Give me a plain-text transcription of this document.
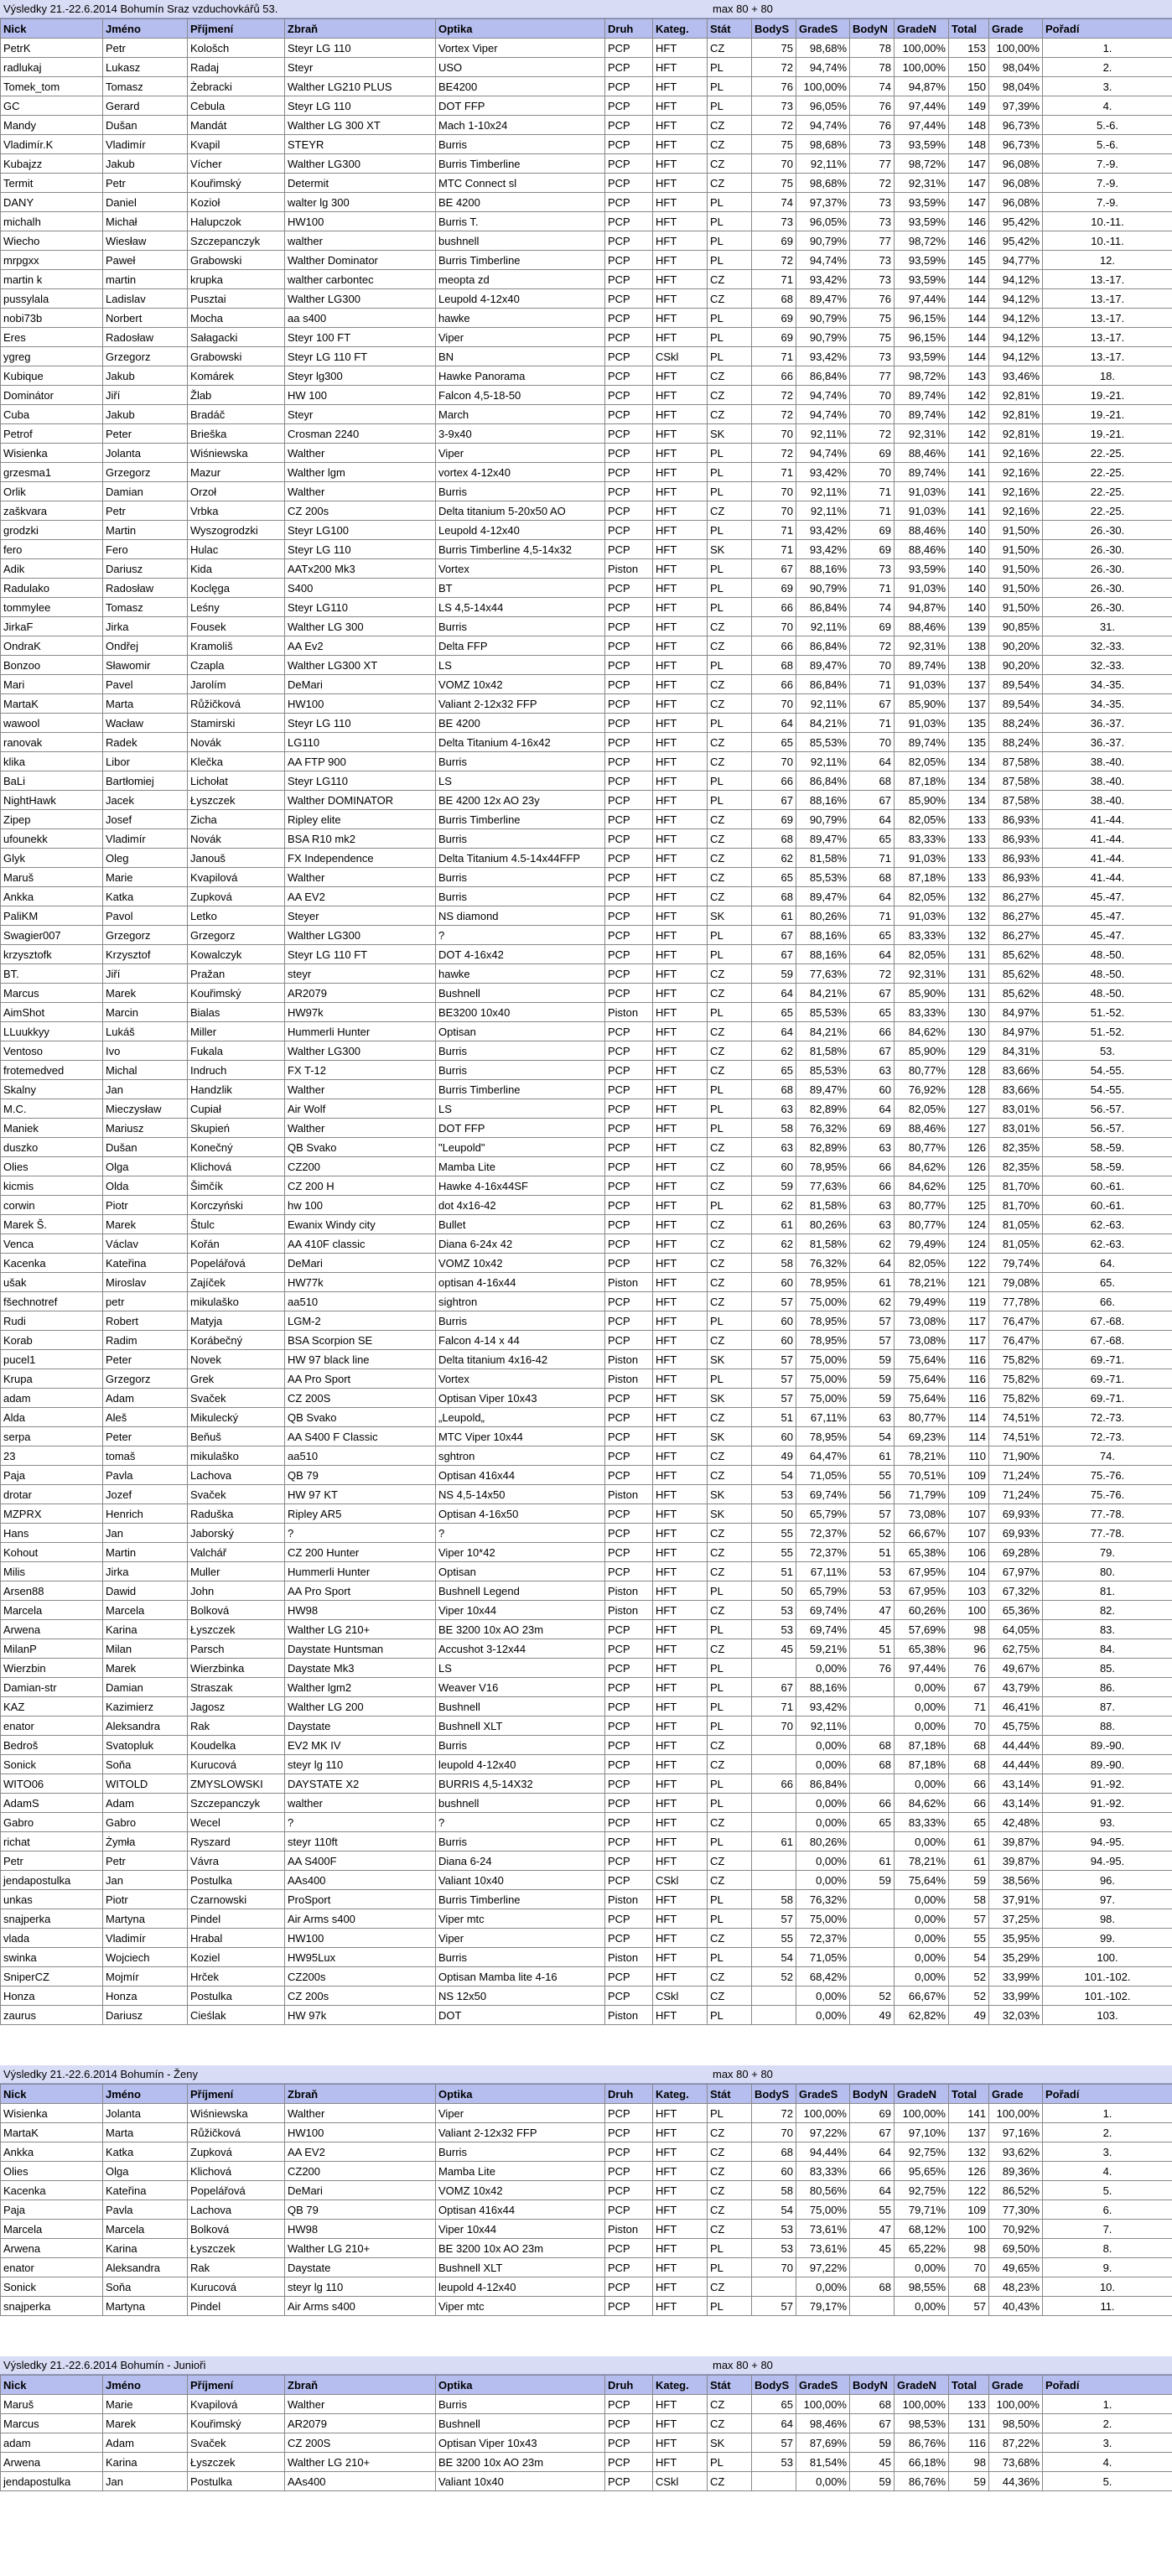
Výsledky 21.-22.6.2014 Bohumín Sraz vzduchovkářů 53.	max 80 + 80
Nick	Jméno	Příjmení	Zbraň	Optika	Druh	Kateg.	Stát	BodyS	GradeS	BodyN	GradeN	Total	Grade	Pořadí
PetrK	Petr	Kološch	Steyr LG 110	Vortex Viper	PCP	HFT	CZ	75	98,68%	78	100,00%	153	100,00%	1.
radlukaj	Lukasz	Radaj	Steyr	USO	PCP	HFT	PL	72	94,74%	78	100,00%	150	98,04%	2.
Tomek_tom	Tomasz	Żebracki	Walther LG210 PLUS	BE4200	PCP	HFT	PL	76	100,00%	74	94,87%	150	98,04%	3.
GC	Gerard	Cebula	Steyr LG 110	DOT FFP	PCP	HFT	PL	73	96,05%	76	97,44%	149	97,39%	4.
Mandy	Dušan	Mandát	Walther LG 300 XT	Mach 1-10x24	PCP	HFT	CZ	72	94,74%	76	97,44%	148	96,73%	5.-6.
Vladimír.K	Vladimír	Kvapil	STEYR	Burris	PCP	HFT	CZ	75	98,68%	73	93,59%	148	96,73%	5.-6.
Kubajzz	Jakub	Vícher	Walther LG300	Burris Timberline	PCP	HFT	CZ	70	92,11%	77	98,72%	147	96,08%	7.-9.
Termit	Petr	Kouřimský	Determit	MTC Connect sl	PCP	HFT	CZ	75	98,68%	72	92,31%	147	96,08%	7.-9.
DANY	Daniel	Kozioł	walter lg 300	BE 4200	PCP	HFT	PL	74	97,37%	73	93,59%	147	96,08%	7.-9.
michalh	Michał	Halupczok	HW100	Burris T.	PCP	HFT	PL	73	96,05%	73	93,59%	146	95,42%	10.-11.
Wiecho	Wiesław	Szczepanczyk	walther	bushnell	PCP	HFT	PL	69	90,79%	77	98,72%	146	95,42%	10.-11.
mrpgxx	Paweł	Grabowski	Walther Dominator	Burris Timberline	PCP	HFT	PL	72	94,74%	73	93,59%	145	94,77%	12.
martin k	martin	krupka	walther carbontec	meopta zd	PCP	HFT	CZ	71	93,42%	73	93,59%	144	94,12%	13.-17.
pussylala	Ladislav	Pusztai	Walther LG300	Leupold 4-12x40	PCP	HFT	CZ	68	89,47%	76	97,44%	144	94,12%	13.-17.
nobi73b	Norbert	Mocha	aa s400	hawke	PCP	HFT	PL	69	90,79%	75	96,15%	144	94,12%	13.-17.
Eres	Radosław	Sałagacki	Steyr 100 FT	Viper	PCP	HFT	PL	69	90,79%	75	96,15%	144	94,12%	13.-17.
ygreg	Grzegorz	Grabowski	Steyr LG 110 FT	BN	PCP	CSkl	PL	71	93,42%	73	93,59%	144	94,12%	13.-17.
Kubique	Jakub	Komárek	Steyr lg300	Hawke Panorama	PCP	HFT	CZ	66	86,84%	77	98,72%	143	93,46%	18.
Dominátor	Jiří	Žlab	HW 100	Falcon 4,5-18-50	PCP	HFT	CZ	72	94,74%	70	89,74%	142	92,81%	19.-21.
Cuba	Jakub	Bradáč	Steyr	March	PCP	HFT	CZ	72	94,74%	70	89,74%	142	92,81%	19.-21.
Petrof	Peter	Brieška	Crosman 2240	3-9x40	PCP	HFT	SK	70	92,11%	72	92,31%	142	92,81%	19.-21.
Wisienka	Jolanta	Wiśniewska	Walther	Viper	PCP	HFT	PL	72	94,74%	69	88,46%	141	92,16%	22.-25.
grzesma1	Grzegorz	Mazur	Walther lgm	vortex 4-12x40	PCP	HFT	PL	71	93,42%	70	89,74%	141	92,16%	22.-25.
Orlik	Damian	Orzoł	Walther	Burris	PCP	HFT	PL	70	92,11%	71	91,03%	141	92,16%	22.-25.
zaškvara	Petr	Vrbka	CZ 200s	Delta titanium 5-20x50 AO	PCP	HFT	CZ	70	92,11%	71	91,03%	141	92,16%	22.-25.
grodzki	Martin	Wyszogrodzki	Steyr LG100	Leupold 4-12x40	PCP	HFT	PL	71	93,42%	69	88,46%	140	91,50%	26.-30.
fero	Fero	Hulac	Steyr LG 110	Burris Timberline 4,5-14x32	PCP	HFT	SK	71	93,42%	69	88,46%	140	91,50%	26.-30.
Adik	Dariusz	Kida	AATx200 Mk3	Vortex	Piston	HFT	PL	67	88,16%	73	93,59%	140	91,50%	26.-30.
Radulako	Radosław	Koclęga	S400	BT	PCP	HFT	PL	69	90,79%	71	91,03%	140	91,50%	26.-30.
tommylee	Tomasz	Leśny	Steyr LG110	LS 4,5-14x44	PCP	HFT	PL	66	86,84%	74	94,87%	140	91,50%	26.-30.
JirkaF	Jirka	Fousek	Walther LG 300	Burris	PCP	HFT	CZ	70	92,11%	69	88,46%	139	90,85%	31.
OndraK	Ondřej	Kramoliš	AA Ev2	Delta FFP	PCP	HFT	CZ	66	86,84%	72	92,31%	138	90,20%	32.-33.
Bonzoo	Sławomir	Czapla	Walther LG300 XT	LS	PCP	HFT	PL	68	89,47%	70	89,74%	138	90,20%	32.-33.
Mari	Pavel	Jarolím	DeMari	VOMZ 10x42	PCP	HFT	CZ	66	86,84%	71	91,03%	137	89,54%	34.-35.
MartaK	Marta	Růžičková	HW100	Valiant 2-12x32 FFP	PCP	HFT	CZ	70	92,11%	67	85,90%	137	89,54%	34.-35.
wawool	Wacław	Stamirski	Steyr LG 110	BE 4200	PCP	HFT	PL	64	84,21%	71	91,03%	135	88,24%	36.-37.
ranovak	Radek	Novák	LG110	Delta Titanium 4-16x42	PCP	HFT	CZ	65	85,53%	70	89,74%	135	88,24%	36.-37.
klika	Libor	Klečka	AA FTP 900	Burris	PCP	HFT	CZ	70	92,11%	64	82,05%	134	87,58%	38.-40.
BaLi	Bartłomiej	Lichołat	Steyr LG110	LS	PCP	HFT	PL	66	86,84%	68	87,18%	134	87,58%	38.-40.
NightHawk	Jacek	Łyszczek	Walther DOMINATOR	BE 4200 12x AO 23y	PCP	HFT	PL	67	88,16%	67	85,90%	134	87,58%	38.-40.
Zipep	Josef	Zicha	Ripley elite	Burris Timberline	PCP	HFT	CZ	69	90,79%	64	82,05%	133	86,93%	41.-44.
ufounekk	Vladimír	Novák	BSA R10 mk2	Burris	PCP	HFT	CZ	68	89,47%	65	83,33%	133	86,93%	41.-44.
Glyk	Oleg	Janouš	FX Independence	Delta Titanium 4.5-14x44FFP	PCP	HFT	CZ	62	81,58%	71	91,03%	133	86,93%	41.-44.
Maruš	Marie	Kvapilová	Walther	Burris	PCP	HFT	CZ	65	85,53%	68	87,18%	133	86,93%	41.-44.
Ankka	Katka	Zupková	AA EV2	Burris	PCP	HFT	CZ	68	89,47%	64	82,05%	132	86,27%	45.-47.
PaliKM	Pavol	Letko	Steyer	NS diamond	PCP	HFT	SK	61	80,26%	71	91,03%	132	86,27%	45.-47.
Swagier007	Grzegorz	Grzegorz	Walther LG300	?	PCP	HFT	PL	67	88,16%	65	83,33%	132	86,27%	45.-47.
krzysztofk	Krzysztof	Kowalczyk	Steyr LG 110 FT	DOT 4-16x42	PCP	HFT	PL	67	88,16%	64	82,05%	131	85,62%	48.-50.
BT.	Jiří	Pražan	steyr	hawke	PCP	HFT	CZ	59	77,63%	72	92,31%	131	85,62%	48.-50.
Marcus	Marek	Kouřimský	AR2079	Bushnell	PCP	HFT	CZ	64	84,21%	67	85,90%	131	85,62%	48.-50.
AimShot	Marcin	Bialas	HW97k	BE3200 10x40	Piston	HFT	PL	65	85,53%	65	83,33%	130	84,97%	51.-52.
LLuukkyy	Lukáš	Miller	Hummerli Hunter	Optisan	PCP	HFT	CZ	64	84,21%	66	84,62%	130	84,97%	51.-52.
Ventoso	Ivo	Fukala	Walther LG300	Burris	PCP	HFT	CZ	62	81,58%	67	85,90%	129	84,31%	53.
frotemedved	Michal	Indruch	FX T-12	Burris	PCP	HFT	CZ	65	85,53%	63	80,77%	128	83,66%	54.-55.
Skalny	Jan	Handzlik	Walther	Burris Timberline	PCP	HFT	PL	68	89,47%	60	76,92%	128	83,66%	54.-55.
M.C.	Mieczysław	Cupiał	Air Wolf	LS	PCP	HFT	PL	63	82,89%	64	82,05%	127	83,01%	56.-57.
Maniek	Mariusz	Skupień	Walther	DOT FFP	PCP	HFT	PL	58	76,32%	69	88,46%	127	83,01%	56.-57.
duszko	Dušan	Konečný	QB Svako	"Leupold"	PCP	HFT	CZ	63	82,89%	63	80,77%	126	82,35%	58.-59.
Olies	Olga	Klichová	CZ200	Mamba Lite	PCP	HFT	CZ	60	78,95%	66	84,62%	126	82,35%	58.-59.
kicmis	Olda	Šimčík	CZ 200 H	Hawke 4-16x44SF	PCP	HFT	CZ	59	77,63%	66	84,62%	125	81,70%	60.-61.
corwin	Piotr	Korczyński	hw 100	dot 4x16-42	PCP	HFT	PL	62	81,58%	63	80,77%	125	81,70%	60.-61.
Marek Š.	Marek	Štulc	Ewanix Windy city	Bullet	PCP	HFT	CZ	61	80,26%	63	80,77%	124	81,05%	62.-63.
Venca	Václav	Kořán	AA 410F classic	Diana 6-24x 42	PCP	HFT	CZ	62	81,58%	62	79,49%	124	81,05%	62.-63.
Kacenka	Kateřina	Popelářová	DeMari	VOMZ 10x42	PCP	HFT	CZ	58	76,32%	64	82,05%	122	79,74%	64.
ušak	Miroslav	Zajíček	HW77k	optisan 4-16x44	Piston	HFT	CZ	60	78,95%	61	78,21%	121	79,08%	65.
fšechnotref	petr	mikulaško	aa510	sightron	PCP	HFT	CZ	57	75,00%	62	79,49%	119	77,78%	66.
Rudi	Robert	Matyja	LGM-2	Burris	PCP	HFT	PL	60	78,95%	57	73,08%	117	76,47%	67.-68.
Korab	Radim	Korábečný	BSA Scorpion SE	Falcon 4-14 x 44	PCP	HFT	CZ	60	78,95%	57	73,08%	117	76,47%	67.-68.
pucel1	Peter	Novek	HW 97 black line	Delta titanium 4x16-42	Piston	HFT	SK	57	75,00%	59	75,64%	116	75,82%	69.-71.
Krupa	Grzegorz	Grek	AA Pro Sport	Vortex	Piston	HFT	PL	57	75,00%	59	75,64%	116	75,82%	69.-71.
adam	Adam	Svaček	CZ 200S	Optisan Viper 10x43	PCP	HFT	SK	57	75,00%	59	75,64%	116	75,82%	69.-71.
Alda	Aleš	Mikulecký	QB Svako	„Leupold„	PCP	HFT	CZ	51	67,11%	63	80,77%	114	74,51%	72.-73.
serpa	Peter	Beňuš	AA S400 F Classic	MTC Viper 10x44	PCP	HFT	SK	60	78,95%	54	69,23%	114	74,51%	72.-73.
23	tomaš	mikulaško	aa510	sghtron	PCP	HFT	CZ	49	64,47%	61	78,21%	110	71,90%	74.
Paja	Pavla	Lachova	QB 79	Optisan 416x44	PCP	HFT	CZ	54	71,05%	55	70,51%	109	71,24%	75.-76.
drotar	Jozef	Svaček	HW 97 KT	NS 4,5-14x50	Piston	HFT	SK	53	69,74%	56	71,79%	109	71,24%	75.-76.
MZPRX	Henrich	Raduška	Ripley AR5	Optisan 4-16x50	PCP	HFT	SK	50	65,79%	57	73,08%	107	69,93%	77.-78.
Hans	Jan	Jaborský	?	?	PCP	HFT	CZ	55	72,37%	52	66,67%	107	69,93%	77.-78.
Kohout	Martin	Valchář	CZ 200 Hunter	Viper 10*42	PCP	HFT	CZ	55	72,37%	51	65,38%	106	69,28%	79.
Milis	Jirka	Muller	Hummerli Hunter	Optisan	PCP	HFT	CZ	51	67,11%	53	67,95%	104	67,97%	80.
Arsen88	Dawid	John	AA Pro Sport	Bushnell Legend	Piston	HFT	PL	50	65,79%	53	67,95%	103	67,32%	81.
Marcela	Marcela	Bolková	HW98	Viper 10x44	Piston	HFT	CZ	53	69,74%	47	60,26%	100	65,36%	82.
Arwena	Karina	Łyszczek	Walther LG 210+	BE 3200 10x AO 23m	PCP	HFT	PL	53	69,74%	45	57,69%	98	64,05%	83.
MilanP	Milan	Parsch	Daystate Huntsman	Accushot 3-12x44	PCP	HFT	CZ	45	59,21%	51	65,38%	96	62,75%	84.
Wierzbin	Marek	Wierzbinka	Daystate Mk3	LS	PCP	HFT	PL		0,00%	76	97,44%	76	49,67%	85.
Damian-str	Damian	Straszak	Walther lgm2	Weaver V16	PCP	HFT	PL	67	88,16%		0,00%	67	43,79%	86.
KAZ	Kazimierz	Jagosz	Walther LG 200	Bushnell	PCP	HFT	PL	71	93,42%		0,00%	71	46,41%	87.
enator	Aleksandra	Rak	Daystate	Bushnell XLT	PCP	HFT	PL	70	92,11%		0,00%	70	45,75%	88.
Bedroš	Svatopluk	Koudelka	EV2 MK IV	Burris	PCP	HFT	CZ		0,00%	68	87,18%	68	44,44%	89.-90.
Sonick	Soňa	Kurucová	steyr lg 110	leupold 4-12x40	PCP	HFT	CZ		0,00%	68	87,18%	68	44,44%	89.-90.
WITO06	WITOLD	ZMYSLOWSKI	DAYSTATE X2	BURRIS 4,5-14X32	PCP	HFT	PL	66	86,84%		0,00%	66	43,14%	91.-92.
AdamS	Adam	Szczepanczyk	walther	bushnell	PCP	HFT	PL		0,00%	66	84,62%	66	43,14%	91.-92.
Gabro	Gabro	Wecel	?	?	PCP	HFT	CZ		0,00%	65	83,33%	65	42,48%	93.
richat	Żymła	Ryszard	steyr 110ft	Burris	PCP	HFT	PL	61	80,26%		0,00%	61	39,87%	94.-95.
Petr	Petr	Vávra	AA S400F	Diana 6-24	PCP	HFT	CZ		0,00%	61	78,21%	61	39,87%	94.-95.
jendapostulka	Jan	Postulka	AAs400	Valiant 10x40	PCP	CSkl	CZ		0,00%	59	75,64%	59	38,56%	96.
unkas	Piotr	Czarnowski	ProSport	Burris Timberline	Piston	HFT	PL	58	76,32%		0,00%	58	37,91%	97.
snajperka	Martyna	Pindel	Air Arms s400	Viper mtc	PCP	HFT	PL	57	75,00%		0,00%	57	37,25%	98.
vlada	Vladimír	Hrabal	HW100	Viper	PCP	HFT	CZ	55	72,37%		0,00%	55	35,95%	99.
swinka	Wojciech	Koziel	HW95Lux	Burris	Piston	HFT	PL	54	71,05%		0,00%	54	35,29%	100.
SniperCZ	Mojmír	Hrček	CZ200s	Optisan Mamba lite 4-16	PCP	HFT	CZ	52	68,42%		0,00%	52	33,99%	101.-102.
Honza	Honza	Postulka	CZ 200s	NS 12x50	PCP	CSkl	CZ		0,00%	52	66,67%	52	33,99%	101.-102.
zaurus	Dariusz	Cieślak	HW 97k	DOT	Piston	HFT	PL		0,00%	49	62,82%	49	32,03%	103.
Výsledky 21.-22.6.2014 Bohumín - Ženy	max 80 + 80
Nick	Jméno	Příjmení	Zbraň	Optika	Druh	Kateg.	Stát	BodyS	GradeS	BodyN	GradeN	Total	Grade	Pořadí
Wisienka	Jolanta	Wiśniewska	Walther	Viper	PCP	HFT	PL	72	100,00%	69	100,00%	141	100,00%	1.
MartaK	Marta	Růžičková	HW100	Valiant 2-12x32 FFP	PCP	HFT	CZ	70	97,22%	67	97,10%	137	97,16%	2.
Ankka	Katka	Zupková	AA EV2	Burris	PCP	HFT	CZ	68	94,44%	64	92,75%	132	93,62%	3.
Olies	Olga	Klichová	CZ200	Mamba Lite	PCP	HFT	CZ	60	83,33%	66	95,65%	126	89,36%	4.
Kacenka	Kateřina	Popelářová	DeMari	VOMZ 10x42	PCP	HFT	CZ	58	80,56%	64	92,75%	122	86,52%	5.
Paja	Pavla	Lachova	QB 79	Optisan 416x44	PCP	HFT	CZ	54	75,00%	55	79,71%	109	77,30%	6.
Marcela	Marcela	Bolková	HW98	Viper 10x44	Piston	HFT	CZ	53	73,61%	47	68,12%	100	70,92%	7.
Arwena	Karina	Łyszczek	Walther LG 210+	BE 3200 10x AO 23m	PCP	HFT	PL	53	73,61%	45	65,22%	98	69,50%	8.
enator	Aleksandra	Rak	Daystate	Bushnell XLT	PCP	HFT	PL	70	97,22%		0,00%	70	49,65%	9.
Sonick	Soňa	Kurucová	steyr lg 110	leupold 4-12x40	PCP	HFT	CZ		0,00%	68	98,55%	68	48,23%	10.
snajperka	Martyna	Pindel	Air Arms s400	Viper mtc	PCP	HFT	PL	57	79,17%		0,00%	57	40,43%	11.
Výsledky 21.-22.6.2014 Bohumín - Junioři	max 80 + 80
Nick	Jméno	Příjmení	Zbraň	Optika	Druh	Kateg.	Stát	BodyS	GradeS	BodyN	GradeN	Total	Grade	Pořadí
Maruš	Marie	Kvapilová	Walther	Burris	PCP	HFT	CZ	65	100,00%	68	100,00%	133	100,00%	1.
Marcus	Marek	Kouřimský	AR2079	Bushnell	PCP	HFT	CZ	64	98,46%	67	98,53%	131	98,50%	2.
adam	Adam	Svaček	CZ 200S	Optisan Viper 10x43	PCP	HFT	SK	57	87,69%	59	86,76%	116	87,22%	3.
Arwena	Karina	Łyszczek	Walther LG 210+	BE 3200 10x AO 23m	PCP	HFT	PL	53	81,54%	45	66,18%	98	73,68%	4.
jendapostulka	Jan	Postulka	AAs400	Valiant 10x40	PCP	CSkl	CZ		0,00%	59	86,76%	59	44,36%	5.
